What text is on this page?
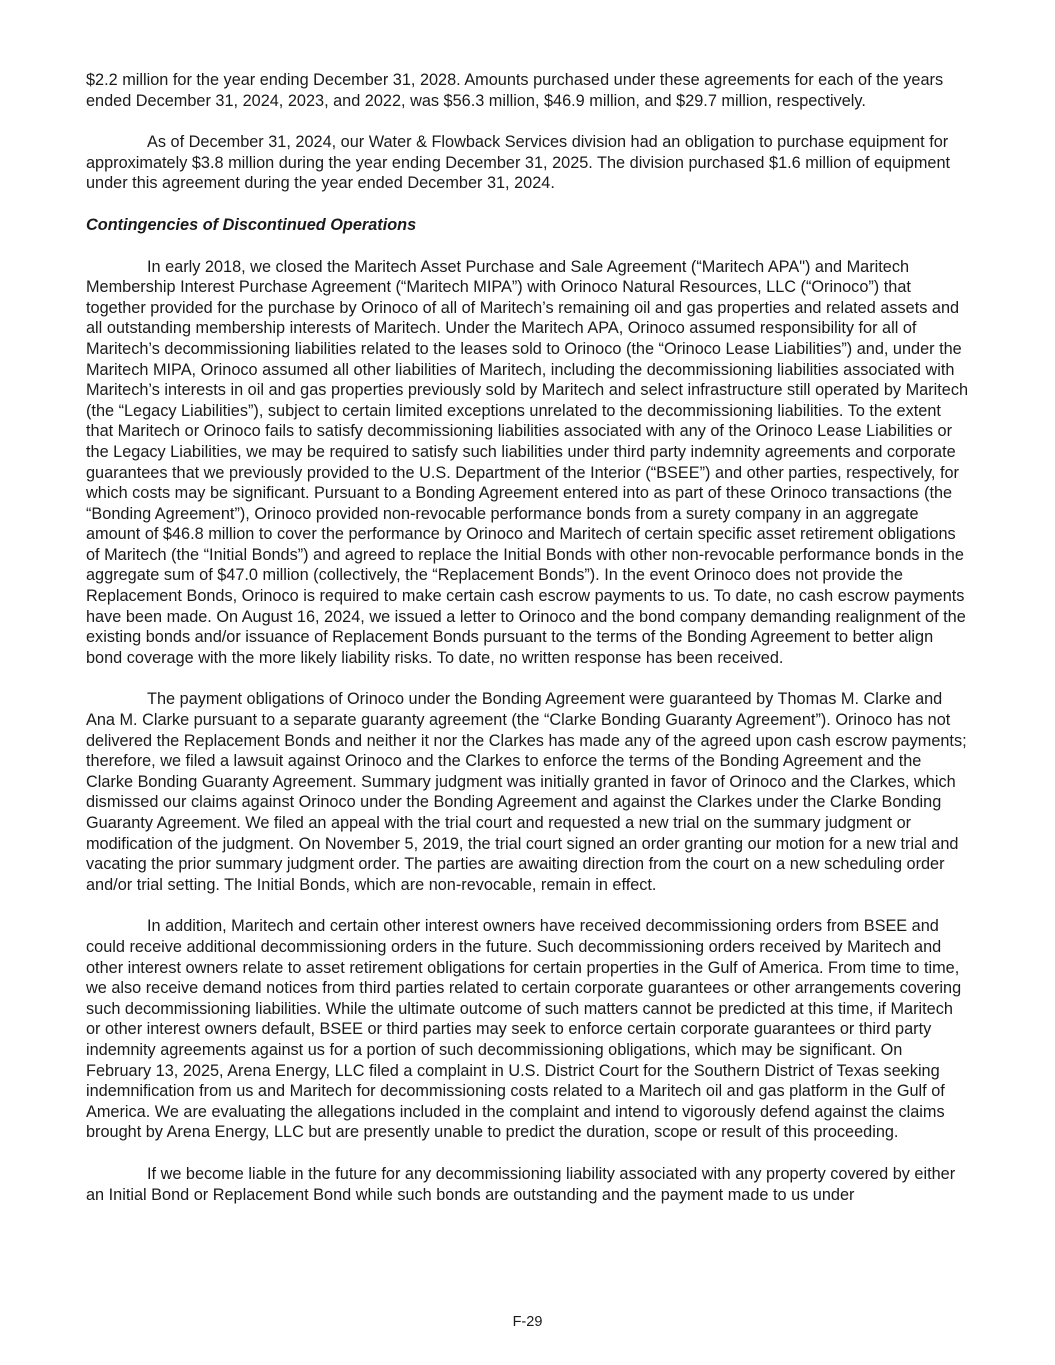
$2.2 million for the year ending December 31, 2028. Amounts purchased under these agreements for each of the years ended December 31, 2024, 2023, and 2022, was $56.3 million, $46.9 million, and $29.7 million, respectively.

As of December 31, 2024, our Water & Flowback Services division had an obligation to purchase equipment for approximately $3.8 million during the year ending December 31, 2025. The division purchased $1.6 million of equipment under this agreement during the year ended December 31, 2024.

Contingencies of Discontinued Operations

In early 2018, we closed the Maritech Asset Purchase and Sale Agreement (“Maritech APA") and Maritech Membership Interest Purchase Agreement (“Maritech MIPA”) with Orinoco Natural Resources, LLC (“Orinoco”) that together provided for the purchase by Orinoco of all of Maritech’s remaining oil and gas properties and related assets and all outstanding membership interests of Maritech. Under the Maritech APA, Orinoco assumed responsibility for all of Maritech’s decommissioning liabilities related to the leases sold to Orinoco (the “Orinoco Lease Liabilities”) and, under the Maritech MIPA, Orinoco assumed all other liabilities of Maritech, including the decommissioning liabilities associated with Maritech’s interests in oil and gas properties previously sold by Maritech and select infrastructure still operated by Maritech (the “Legacy Liabilities”), subject to certain limited exceptions unrelated to the decommissioning liabilities. To the extent that Maritech or Orinoco fails to satisfy decommissioning liabilities associated with any of the Orinoco Lease Liabilities or the Legacy Liabilities, we may be required to satisfy such liabilities under third party indemnity agreements and corporate guarantees that we previously provided to the U.S. Department of the Interior (“BSEE”) and other parties, respectively, for which costs may be significant. Pursuant to a Bonding Agreement entered into as part of these Orinoco transactions (the “Bonding Agreement”), Orinoco provided non-revocable performance bonds from a surety company in an aggregate amount of $46.8 million to cover the performance by Orinoco and Maritech of certain specific asset retirement obligations of Maritech (the “Initial Bonds”) and agreed to replace the Initial Bonds with other non-revocable performance bonds in the aggregate sum of $47.0 million (collectively, the “Replacement Bonds”). In the event Orinoco does not provide the Replacement Bonds, Orinoco is required to make certain cash escrow payments to us. To date, no cash escrow payments have been made. On August 16, 2024, we issued a letter to Orinoco and the bond company demanding realignment of the existing bonds and/or issuance of Replacement Bonds pursuant to the terms of the Bonding Agreement to better align bond coverage with the more likely liability risks. To date, no written response has been received.

The payment obligations of Orinoco under the Bonding Agreement were guaranteed by Thomas M. Clarke and Ana M. Clarke pursuant to a separate guaranty agreement (the “Clarke Bonding Guaranty Agreement”). Orinoco has not delivered the Replacement Bonds and neither it nor the Clarkes has made any of the agreed upon cash escrow payments; therefore, we filed a lawsuit against Orinoco and the Clarkes to enforce the terms of the Bonding Agreement and the Clarke Bonding Guaranty Agreement. Summary judgment was initially granted in favor of Orinoco and the Clarkes, which dismissed our claims against Orinoco under the Bonding Agreement and against the Clarkes under the Clarke Bonding Guaranty Agreement. We filed an appeal with the trial court and requested a new trial on the summary judgment or modification of the judgment. On November 5, 2019, the trial court signed an order granting our motion for a new trial and vacating the prior summary judgment order. The parties are awaiting direction from the court on a new scheduling order and/or trial setting. The Initial Bonds, which are non-revocable, remain in effect.

In addition, Maritech and certain other interest owners have received decommissioning orders from BSEE and could receive additional decommissioning orders in the future. Such decommissioning orders received by Maritech and other interest owners relate to asset retirement obligations for certain properties in the Gulf of America. From time to time, we also receive demand notices from third parties related to certain corporate guarantees or other arrangements covering such decommissioning liabilities. While the ultimate outcome of such matters cannot be predicted at this time, if Maritech or other interest owners default, BSEE or third parties may seek to enforce certain corporate guarantees or third party indemnity agreements against us for a portion of such decommissioning obligations, which may be significant. On February 13, 2025, Arena Energy, LLC filed a complaint in U.S. District Court for the Southern District of Texas seeking indemnification from us and Maritech for decommissioning costs related to a Maritech oil and gas platform in the Gulf of America. We are evaluating the allegations included in the complaint and intend to vigorously defend against the claims brought by Arena Energy, LLC but are presently unable to predict the duration, scope or result of this proceeding.

If we become liable in the future for any decommissioning liability associated with any property covered by either an Initial Bond or Replacement Bond while such bonds are outstanding and the payment made to us under

F-29
